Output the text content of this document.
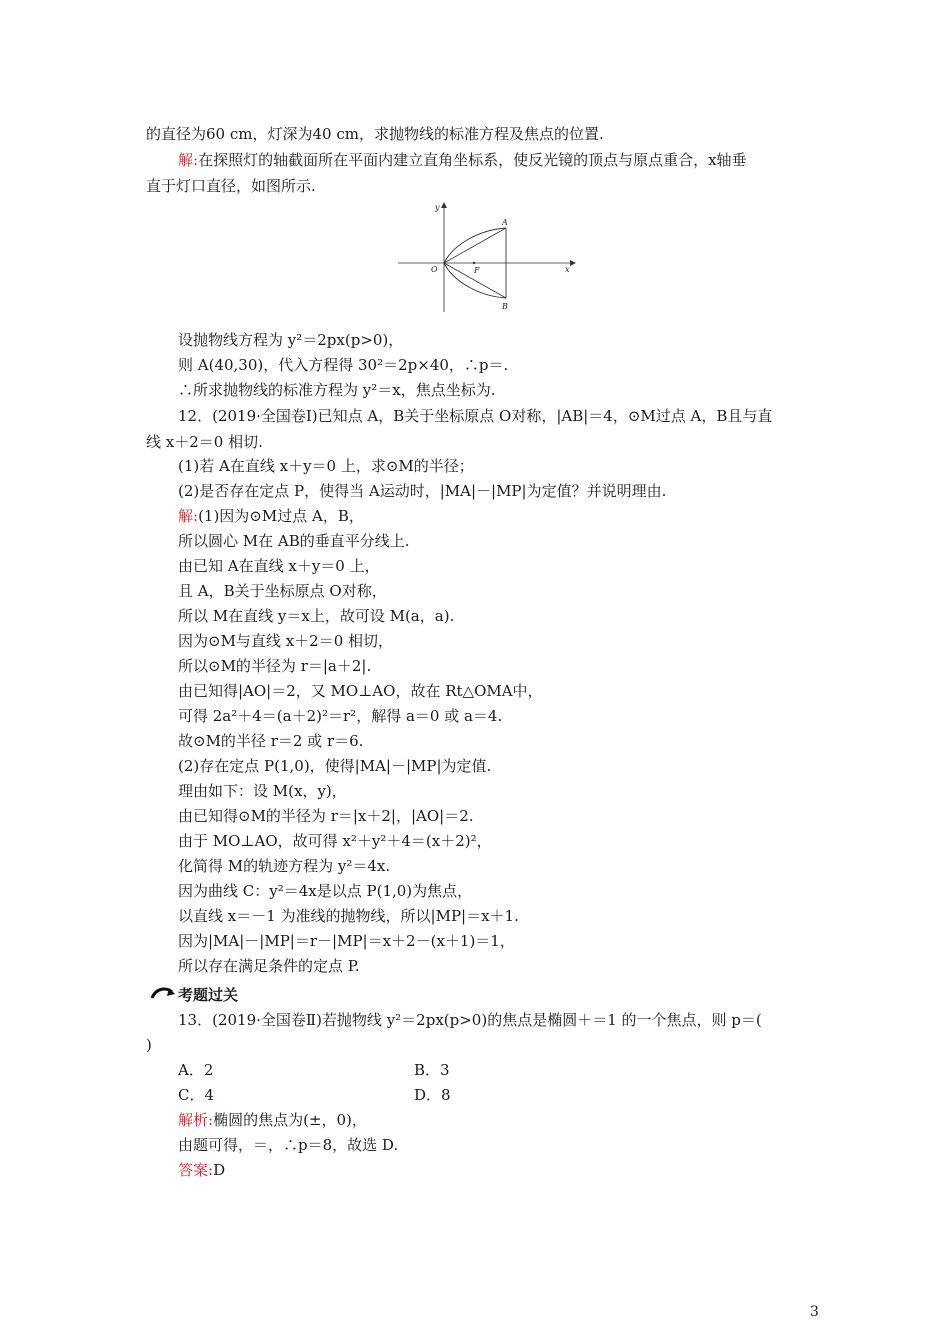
的直径为60 cm，灯深为40 cm，求抛物线的标准方程及焦点的位置.
解:在探照灯的轴截面所在平面内建立直角坐标系，使反光镜的顶点与原点重合，x轴垂
直于灯口直径，如图所示.
y
A
O	F	x
B
设抛物线方程为 y²＝2px(p>0)，
则 A(40,30)，代入方程得 30²＝2p×40，∴p＝.
∴所求抛物线的标准方程为 y²＝x，焦点坐标为.
12．(2019·全国卷Ⅰ)已知点 A，B关于坐标原点 O对称，|AB|＝4，⊙M过点 A，B且与直
线 x＋2＝0 相切.
(1)若 A在直线 x＋y＝0 上，求⊙M的半径；
(2)是否存在定点 P，使得当 A运动时，|MA|－|MP|为定值？并说明理由.
解:(1)因为⊙M过点 A，B，
所以圆心 M在 AB的垂直平分线上.
由已知 A在直线 x＋y＝0 上，
且 A，B关于坐标原点 O对称，
所以 M在直线 y＝x上，故可设 M(a，a).
因为⊙M与直线 x＋2＝0 相切，
所以⊙M的半径为 r＝|a＋2|.
由已知得|AO|＝2，又 MO⊥AO，故在 Rt△OMA中，
可得 2a²＋4＝(a＋2)²＝r²，解得 a＝0 或 a＝4.
故⊙M的半径 r＝2 或 r＝6.
(2)存在定点 P(1,0)，使得|MA|－|MP|为定值.
理由如下：设 M(x，y)，
由已知得⊙M的半径为 r＝|x＋2|，|AO|＝2.
由于 MO⊥AO，故可得 x²＋y²＋4＝(x＋2)²，
化简得 M的轨迹方程为 y²＝4x.
因为曲线 C：y²＝4x是以点 P(1,0)为焦点，
以直线 x＝－1 为准线的抛物线，所以|MP|＝x＋1.
因为|MA|－|MP|＝r－|MP|＝x＋2－(x＋1)＝1，
所以存在满足条件的定点 P.
考题过关
13．(2019·全国卷Ⅱ)若抛物线 y²＝2px(p>0)的焦点是椭圆＋＝1 的一个焦点，则 p＝(
)
A．2	B．3
C．4	D．8
解析:椭圆的焦点为(±，0)，
由题可得，＝，∴p＝8，故选 D.
答案:D
3
